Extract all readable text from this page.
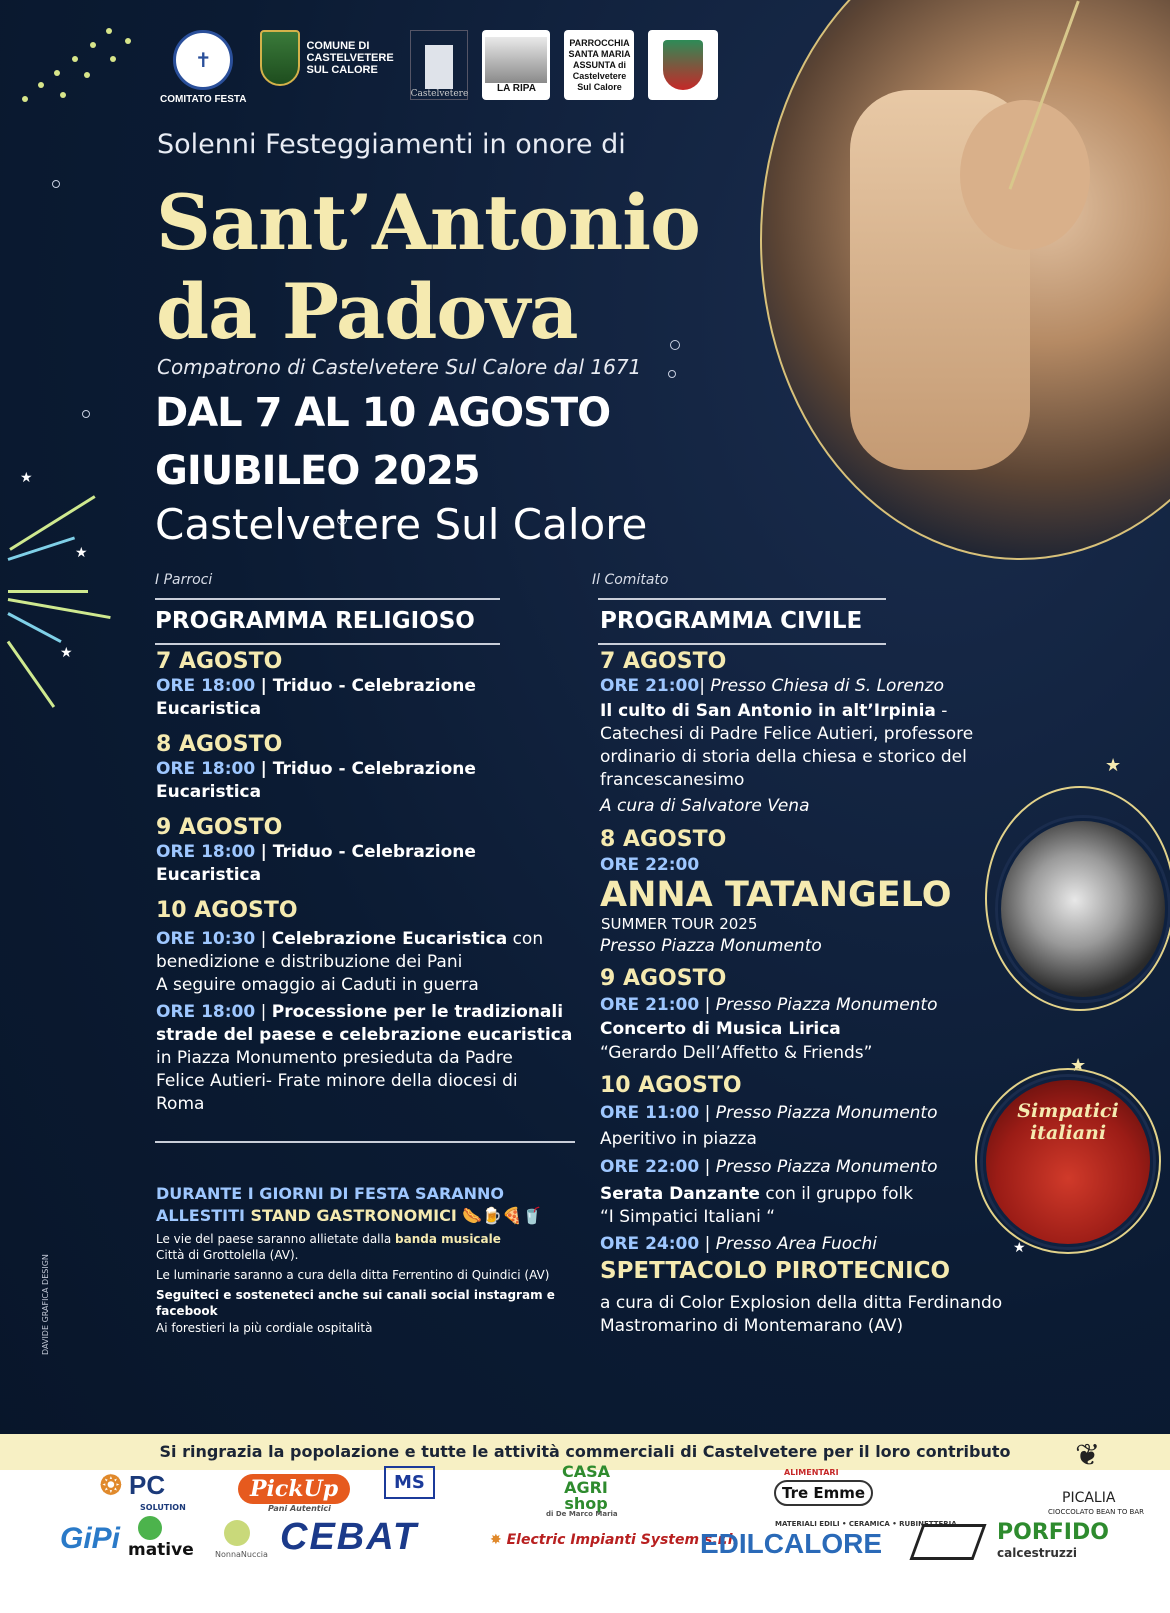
★
★
★
★
★
★
✝
COMITATO FESTA
COMUNE DI CASTELVETERE SUL CALORE
Castelvetere
LA RIPA
PARROCCHIA SANTA MARIA ASSUNTA di Castelvetere Sul Calore
Solenni Festeggiamenti in onore di
Sant’Antonio
da Padova
Compatrono di Castelvetere Sul Calore dal 1671
DAL 7 AL 10 AGOSTO
GIUBILEO 2025
Castelvetere Sul Calore
I Parroci
PROGRAMMA RELIGIOSO
7 AGOSTO
ORE 18:00 | Triduo - Celebrazione
Eucaristica
8 AGOSTO
ORE 18:00 | Triduo - Celebrazione
Eucaristica
9 AGOSTO
ORE 18:00 | Triduo - Celebrazione
Eucaristica
10 AGOSTO
ORE 10:30 | Celebrazione Eucaristica con
benedizione e distribuzione dei Pani
A seguire omaggio ai Caduti in guerra
ORE 18:00 | Processione per le tradizionali
strade del paese e celebrazione eucaristica
in Piazza Monumento presieduta da Padre
Felice Autieri- Frate minore della diocesi di
Roma
Il Comitato
PROGRAMMA CIVILE
7 AGOSTO
ORE 21:00| Presso Chiesa di S. Lorenzo
Il culto di San Antonio in alt’Irpinia -
Catechesi di Padre Felice Autieri, professore
ordinario di storia della chiesa e storico del
francescanesimo
A cura di Salvatore Vena
8 AGOSTO
ORE 22:00
ANNA TATANGELO
SUMMER TOUR 2025
Presso Piazza Monumento
9 AGOSTO
ORE 21:00 | Presso Piazza Monumento
Concerto di Musica Lirica
“Gerardo Dell’Affetto & Friends”
10 AGOSTO
ORE 11:00 | Presso Piazza Monumento
Aperitivo in piazza
ORE 22:00 | Presso Piazza Monumento
Serata Danzante con il gruppo folk
“I Simpatici Italiani “
ORE 24:00 | Presso Area Fuochi
SPETTACOLO PIROTECNICO
a cura di Color Explosion della ditta Ferdinando
Mastromarino di Montemarano (AV)
Simpatici italiani
DURANTE I GIORNI DI FESTA SARANNO
ALLESTITI STAND GASTRONOMICI 🌭🍺🍕🥤
Le vie del paese saranno allietate dalla banda musicale
Città di Grottolella (AV).
Le luminarie saranno a cura della ditta Ferrentino di Quindici (AV)
Seguiteci e sosteneteci anche sui canali social instagram e
facebook
Ai forestieri la più cordiale ospitalità
DAVIDE GRAFICA DESIGN
Si ringrazia la popolazione e tutte le attività commerciali di Castelvetere per il loro contributo
❂ PC
SOLUTION
PickUp
Pani Autentici
MS
CASA AGRI shop
di De Marco Maria
ALIMENTARI
Tre Emme
❦
PICALIA
CIOCCOLATO BEAN TO BAR
GiPi mative	NonnaNuccia CEBAT	✸ Electric Impianti System s.r.l.
MATERIALI EDILI • CERAMICA • RUBINETTERIA
EDILCALORE	PORFIDO
calcestruzzi
